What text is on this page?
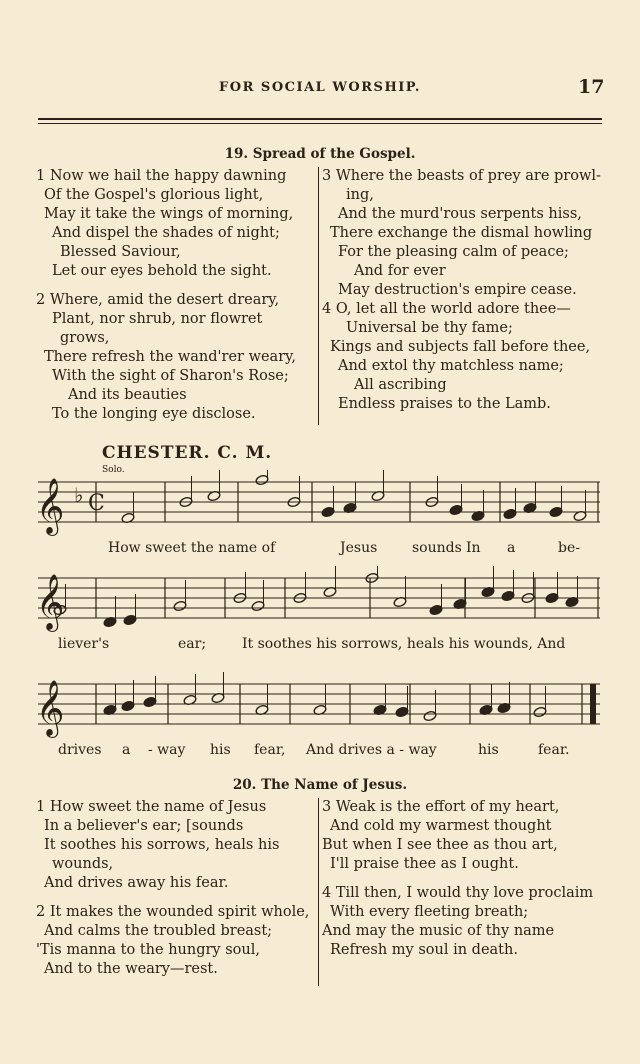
FOR SOCIAL WORSHIP.	17
19. Spread of the Gospel.
1 Now we hail the happy dawning
Of the Gospel's glorious light,
May it take the wings of morning,
And dispel the shades of night;
Blessed Saviour,
Let our eyes behold the sight.
2 Where, amid the desert dreary,
Plant, nor shrub, nor flowret
grows,
There refresh the wand'rer weary,
With the sight of Sharon's Rose;
And its beauties
To the longing eye disclose.
3 Where the beasts of prey are prowl-
ing,
And the murd'rous serpents hiss,
There exchange the dismal howling
For the pleasing calm of peace;
And for ever
May destruction's empire cease.
4 O, let all the world adore thee—
Universal be thy fame;
Kings and subjects fall before thee,
And extol thy matchless name;
All ascribing
Endless praises to the Lamb.
CHESTER. C. M.
Solo.
𝄞 ♭ C
How sweet the name of	Jesus sounds In a	be-
𝄞
liever's	ear;	It soothes his sorrows, heals his wounds, And
𝄞
drives a - way his fear, And drives a - way	his	fear.
20. The Name of Jesus.
1 How sweet the name of Jesus
In a believer's ear; [sounds
It soothes his sorrows, heals his
wounds,
And drives away his fear.
2 It makes the wounded spirit whole,
And calms the troubled breast;
'Tis manna to the hungry soul,
And to the weary—rest.
3 Weak is the effort of my heart,
And cold my warmest thought
But when I see thee as thou art,
I'll praise thee as I ought.
4 Till then, I would thy love proclaim
With every fleeting breath;
And may the music of thy name
Refresh my soul in death.
